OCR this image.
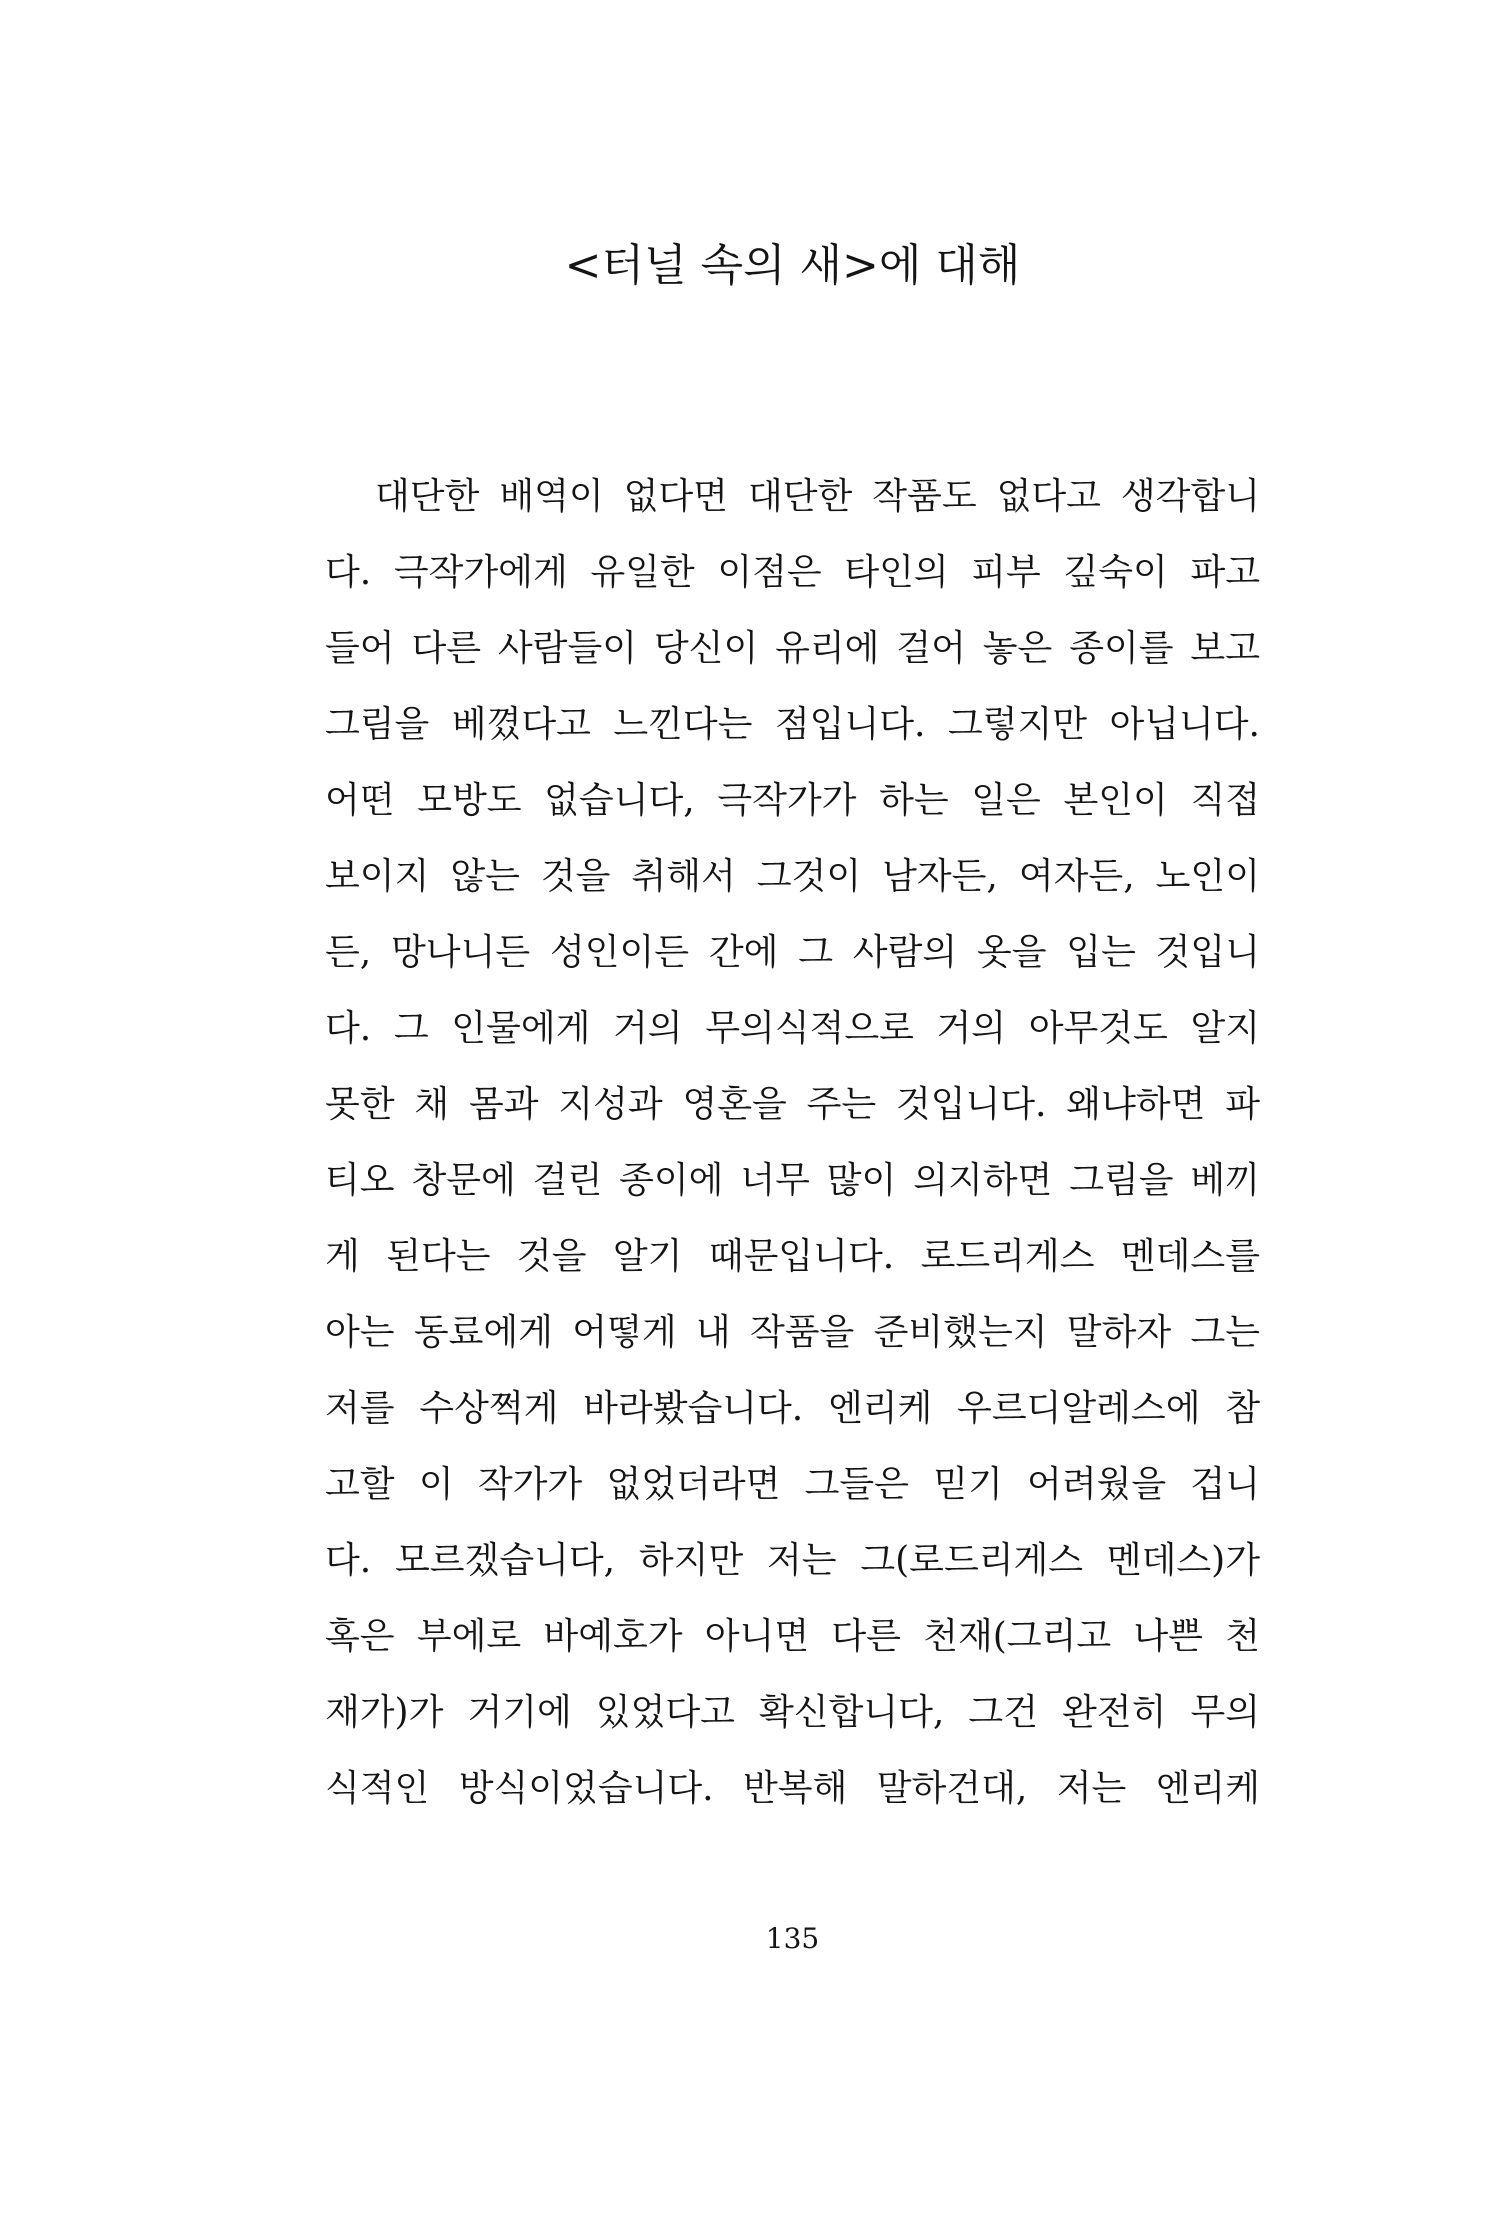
<터널 속의 새>에 대해
대단한 배역이 없다면 대단한 작품도 없다고 생각합니
다. 극작가에게 유일한 이점은 타인의 피부 깊숙이 파고
들어 다른 사람들이 당신이 유리에 걸어 놓은 종이를 보고
그림을 베꼈다고 느낀다는 점입니다. 그렇지만 아닙니다.
어떤 모방도 없습니다, 극작가가 하는 일은 본인이 직접
보이지 않는 것을 취해서 그것이 남자든, 여자든, 노인이
든, 망나니든 성인이든 간에 그 사람의 옷을 입는 것입니
다. 그 인물에게 거의 무의식적으로 거의 아무것도 알지
못한 채 몸과 지성과 영혼을 주는 것입니다. 왜냐하면 파
티오 창문에 걸린 종이에 너무 많이 의지하면 그림을 베끼
게 된다는 것을 알기 때문입니다. 로드리게스 멘데스를
아는 동료에게 어떻게 내 작품을 준비했는지 말하자 그는
저를 수상쩍게 바라봤습니다. 엔리케 우르디알레스에 참
고할 이 작가가 없었더라면 그들은 믿기 어려웠을 겁니
다. 모르겠습니다, 하지만 저는 그(로드리게스 멘데스)가
혹은 부에로 바예호가 아니면 다른 천재(그리고 나쁜 천
재가)가 거기에 있었다고 확신합니다, 그건 완전히 무의
식적인 방식이었습니다. 반복해 말하건대, 저는 엔리케
135
